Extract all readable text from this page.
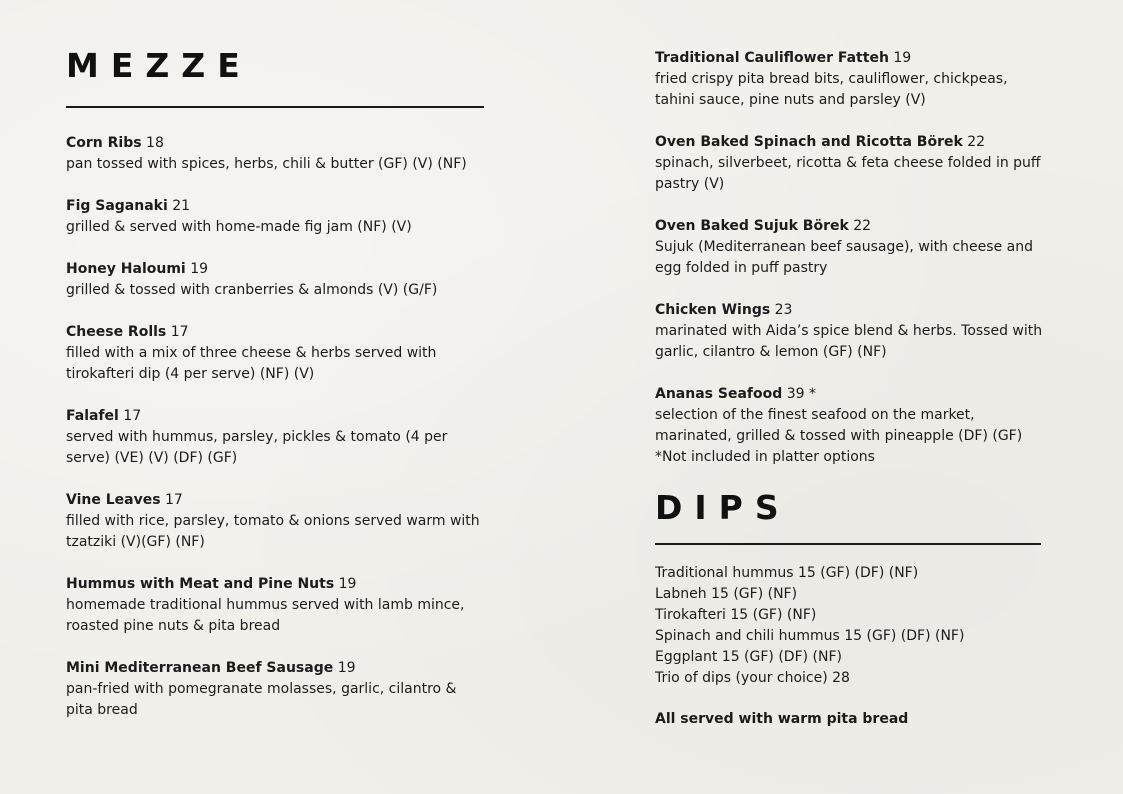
MEZZE
Corn Ribs 18
pan tossed with spices, herbs, chili & butter (GF) (V) (NF)
Fig Saganaki 21
grilled & served with home-made fig jam (NF) (V)
Honey Haloumi 19
grilled & tossed with cranberries & almonds (V) (G/F)
Cheese Rolls 17
filled with a mix of three cheese & herbs served with tirokafteri dip (4 per serve) (NF) (V)
Falafel 17
served with hummus, parsley, pickles & tomato (4 per serve) (VE) (V) (DF) (GF)
Vine Leaves 17
filled with rice, parsley, tomato & onions served warm with tzatziki (V)(GF) (NF)
Hummus with Meat and Pine Nuts 19
homemade traditional hummus served with lamb mince, roasted pine nuts & pita bread
Mini Mediterranean Beef Sausage 19
pan-fried with pomegranate molasses, garlic, cilantro & pita bread
Traditional Cauliflower Fatteh 19
fried crispy pita bread bits, cauliflower, chickpeas, tahini sauce, pine nuts and parsley (V)
Oven Baked Spinach and Ricotta Börek 22
spinach, silverbeet, ricotta & feta cheese folded in puff pastry (V)
Oven Baked Sujuk Börek 22
Sujuk (Mediterranean beef sausage), with cheese and egg folded in puff pastry
Chicken Wings 23
marinated with Aida’s spice blend & herbs. Tossed with garlic, cilantro & lemon (GF) (NF)
Ananas Seafood 39 *
selection of the finest seafood on the market, marinated, grilled & tossed with pineapple (DF) (GF)
*Not included in platter options
DIPS
Traditional hummus 15 (GF) (DF) (NF)
Labneh 15 (GF) (NF)
Tirokafteri 15 (GF) (NF)
Spinach and chili hummus 15 (GF) (DF) (NF)
Eggplant 15 (GF) (DF) (NF)
Trio of dips (your choice) 28
All served with warm pita bread
